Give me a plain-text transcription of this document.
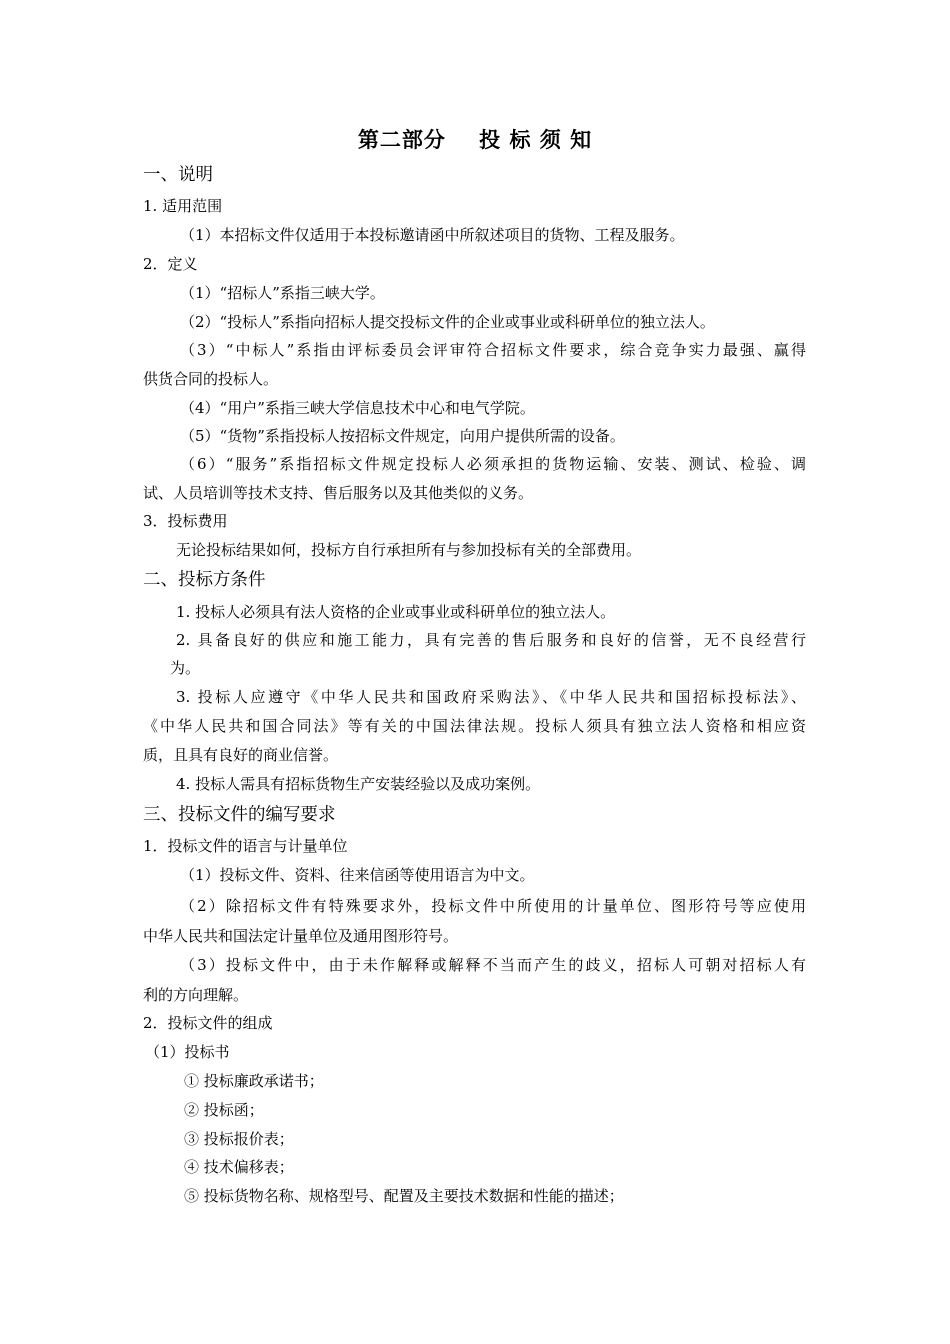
第二部分    投 标 须 知
一、说明
1. 适用范围
（1）本招标文件仅适用于本投标邀请函中所叙述项目的货物、工程及服务。
2．定义
（1）“招标人”系指三峡大学。
（2）“投标人”系指向招标人提交投标文件的企业或事业或科研单位的独立法人。
（3）“中标人”系指由评标委员会评审符合招标文件要求，综合竞争实力最强、赢得
供货合同的投标人。
（4）“用户”系指三峡大学信息技术中心和电气学院。
（5）“货物”系指投标人按招标文件规定，向用户提供所需的设备。
（6）“服务”系指招标文件规定投标人必须承担的货物运输、安装、测试、检验、调
试、人员培训等技术支持、售后服务以及其他类似的义务。
3．投标费用
无论投标结果如何，投标方自行承担所有与参加投标有关的全部费用。
二、投标方条件
1. 投标人必须具有法人资格的企业或事业或科研单位的独立法人。
2. 具备良好的供应和施工能力，具有完善的售后服务和良好的信誉，无不良经营行
为。
3. 投标人应遵守《中华人民共和国政府采购法》、《中华人民共和国招标投标法》、
《中华人民共和国合同法》等有关的中国法律法规。投标人须具有独立法人资格和相应资
质，且具有良好的商业信誉。
4. 投标人需具有招标货物生产安装经验以及成功案例。
三、投标文件的编写要求
1．投标文件的语言与计量单位
（1）投标文件、资料、往来信函等使用语言为中文。
（2）除招标文件有特殊要求外，投标文件中所使用的计量单位、图形符号等应使用
中华人民共和国法定计量单位及通用图形符号。
（3）投标文件中，由于未作解释或解释不当而产生的歧义，招标人可朝对招标人有
利的方向理解。
2．投标文件的组成
（1）投标书
① 投标廉政承诺书；
② 投标函；
③ 投标报价表；
④ 技术偏移表；
⑤ 投标货物名称、规格型号、配置及主要技术数据和性能的描述；
